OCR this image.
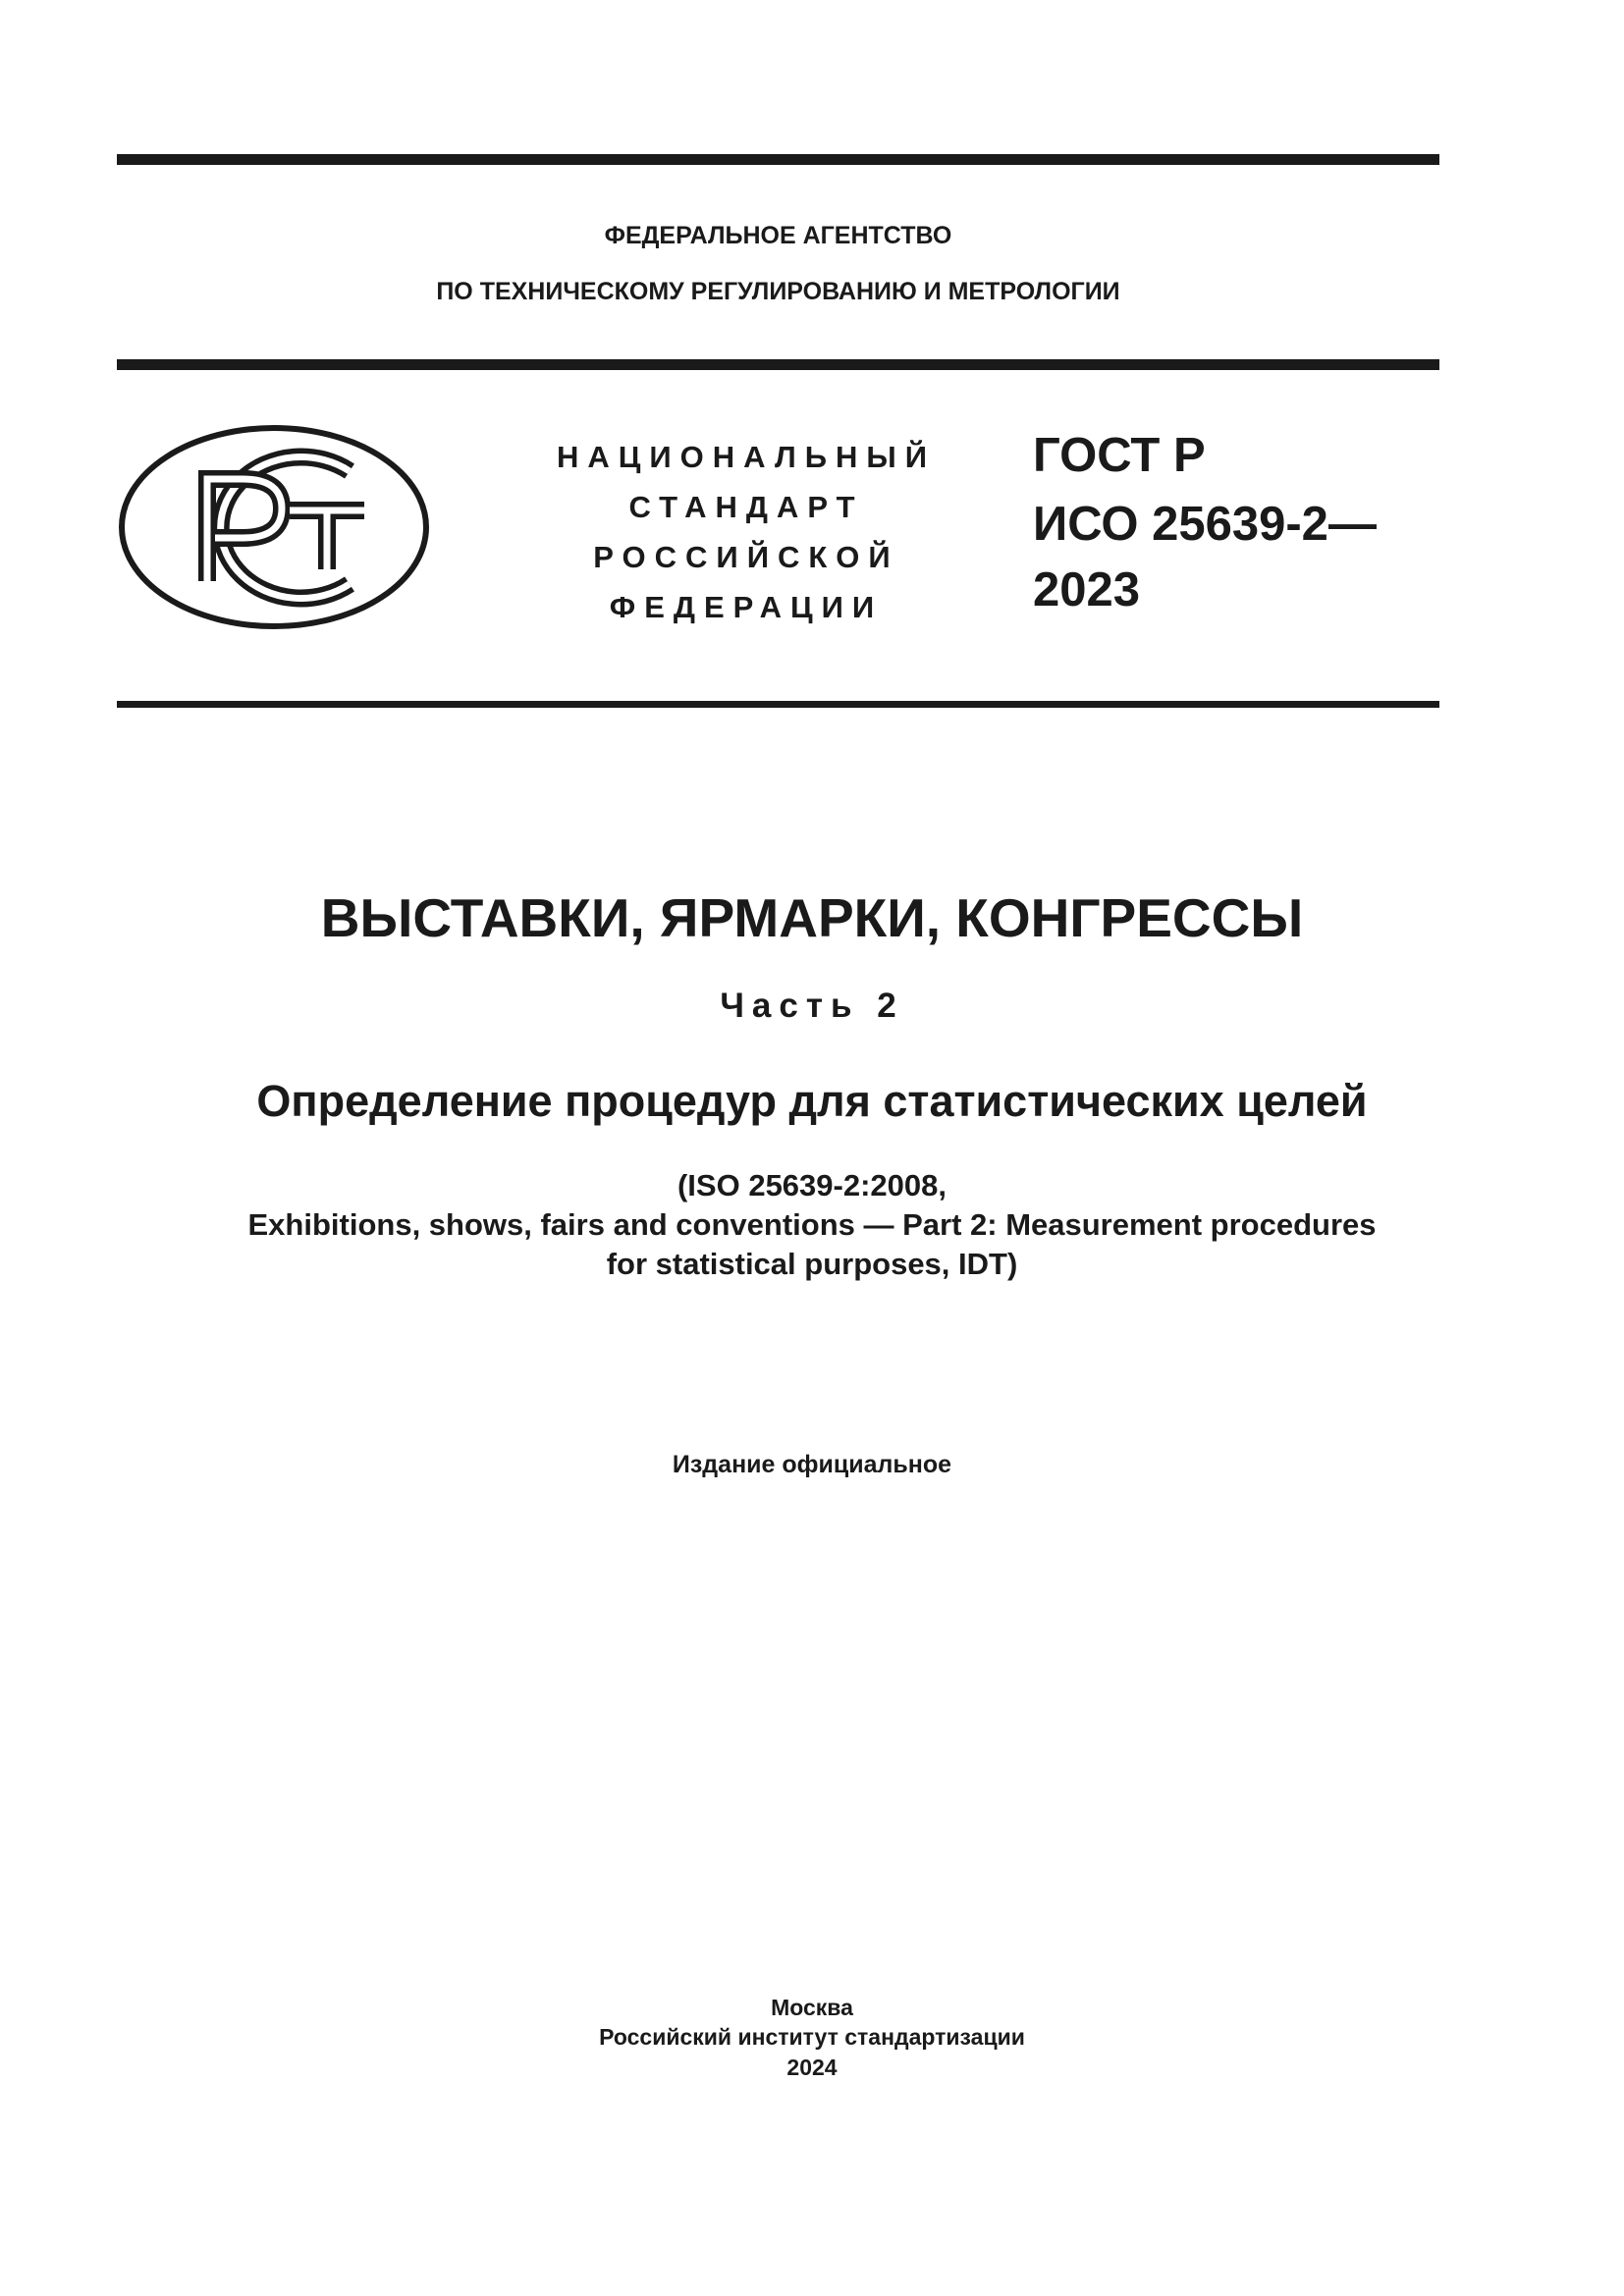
ФЕДЕРАЛЬНОЕ АГЕНТСТВО
ПО ТЕХНИЧЕСКОМУ РЕГУЛИРОВАНИЮ И МЕТРОЛОГИИ
НАЦИОНАЛЬНЫЙ
СТАНДАРТ
РОССИЙСКОЙ
ФЕДЕРАЦИИ
ГОСТ Р
ИСО 25639-2—
2023
ВЫСТАВКИ, ЯРМАРКИ, КОНГРЕССЫ
Часть 2
Определение процедур для статистических целей
(ISO 25639-2:2008,
Exhibitions, shows, fairs and conventions — Part 2: Measurement procedures
for statistical purposes, IDT)
Издание официальное
Москва
Российский институт стандартизации
2024
